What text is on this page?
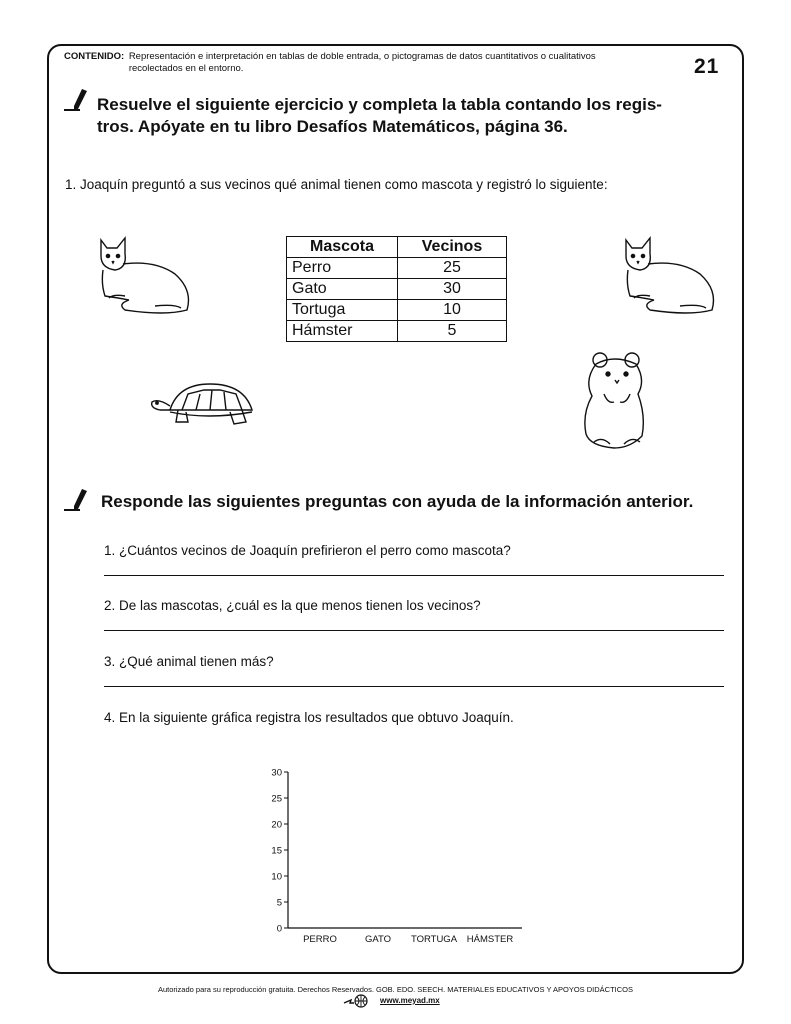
CONTENIDO: Representación e interpretación en tablas de doble entrada, o pictogramas de datos cuantitativos o cualitativos recolectados en el entorno.	21
Resuelve el siguiente ejercicio y completa la tabla contando los regis-
tros. Apóyate en tu libro Desafíos Matemáticos, página 36.
1. Joaquín preguntó a sus vecinos qué animal tienen como mascota y registró lo siguiente:
Mascota	Vecinos
Perro	25
Gato	30
Tortuga	10
Hámster	5
Responde las siguientes preguntas con ayuda de la información anterior.
1. ¿Cuántos vecinos de Joaquín prefirieron el perro como mascota?
2. De las mascotas, ¿cuál es la que menos tienen los vecinos?
3. ¿Qué animal tienen más?
4. En la siguiente gráfica registra los resultados que obtuvo Joaquín.
0
5
10
15
20
25
30
PERRO	GATO TORTUGA HÁMSTER
Autorizado para su reproducción gratuita. Derechos Reservados. GOB. EDO. SEECH. MATERIALES EDUCATIVOS Y APOYOS DIDÁCTICOS
www.meyad.mx
